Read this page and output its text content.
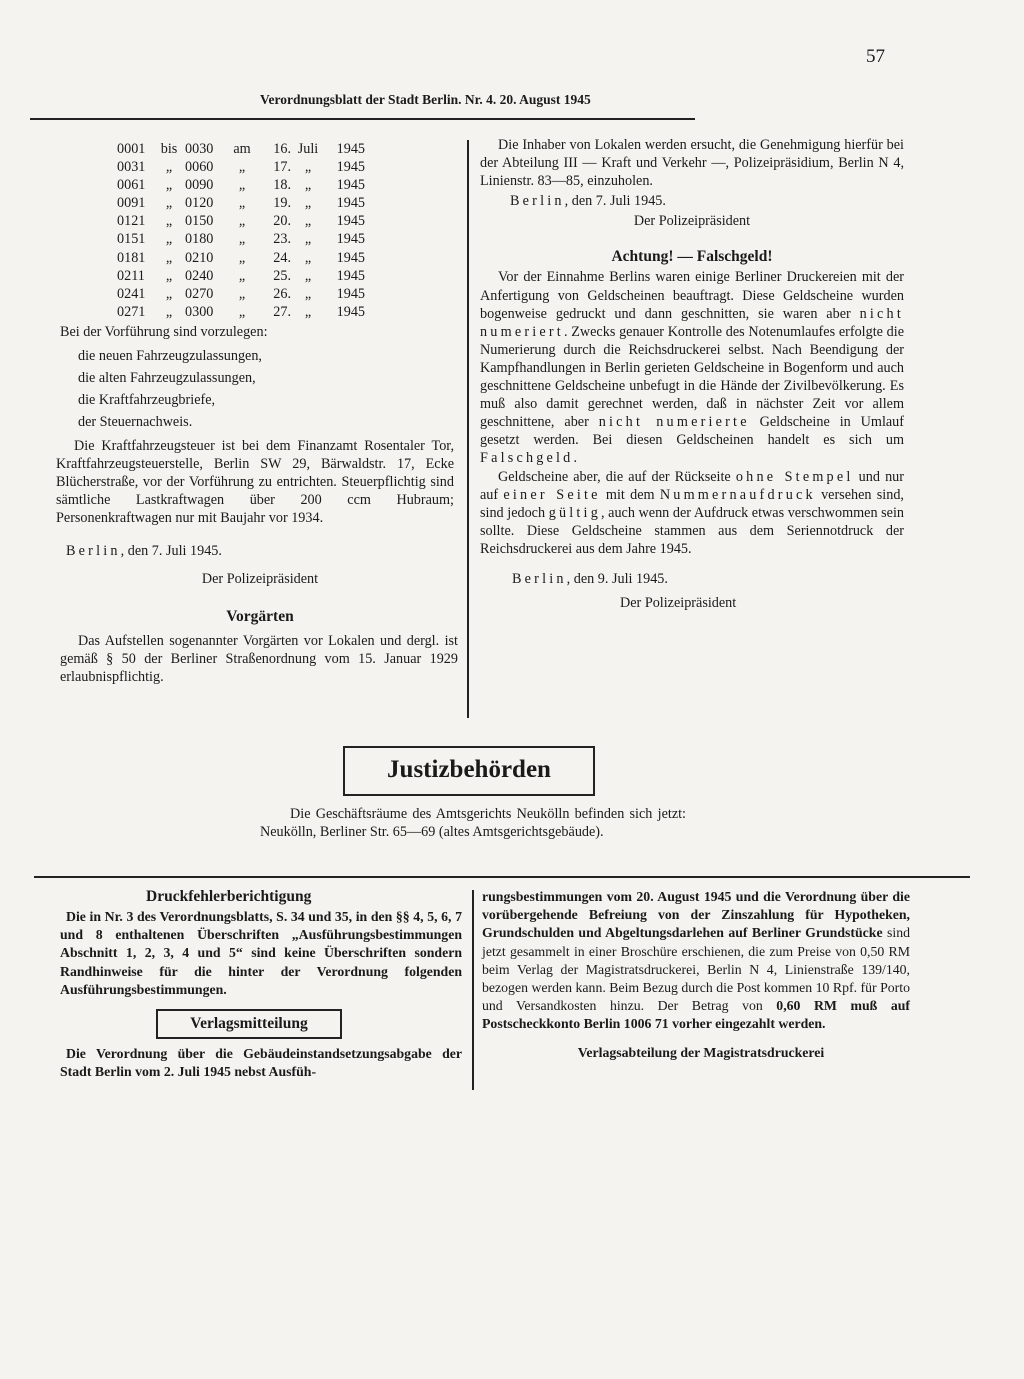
57
Verordnungsblatt der Stadt Berlin. Nr. 4. 20. August 1945
0001	bis	0030	am	16.	Juli	1945
0031	„	0060	„	17.	„	1945
0061	„	0090	„	18.	„	1945
0091	„	0120	„	19.	„	1945
0121	„	0150	„	20.	„	1945
0151	„	0180	„	23.	„	1945
0181	„	0210	„	24.	„	1945
0211	„	0240	„	25.	„	1945
0241	„	0270	„	26.	„	1945
0271	„	0300	„	27.	„	1945

Bei der Vorführung sind vorzulegen:

die neuen Fahrzeugzulassungen,

die alten Fahrzeugzulassungen,

die Kraftfahrzeugbriefe,

der Steuernachweis.

Die Kraftfahrzeugsteuer ist bei dem Finanzamt Rosentaler Tor, Kraftfahrzeugsteuerstelle, Berlin SW 29, Bärwaldstr. 17, Ecke Blücherstraße, vor der Vorführung zu entrichten. Steuerpflichtig sind sämtliche Lastkraftwagen über 200 ccm Hubraum; Personenkraftwagen nur mit Baujahr vor 1934.

Berlin, den 7. Juli 1945.
Der Polizeipräsident
Vorgärten

Das Aufstellen sogenannter Vorgärten vor Lokalen und dergl. ist gemäß § 50 der Berliner Straßenordnung vom 15. Januar 1929 erlaubnispflichtig.

Die Inhaber von Lokalen werden ersucht, die Genehmigung hierfür bei der Abteilung III — Kraft und Verkehr —, Polizeipräsidium, Berlin N 4, Linienstr. 83—85, einzuholen.

Berlin, den 7. Juli 1945.
Der Polizeipräsident
Achtung! — Falschgeld!

Vor der Einnahme Berlins waren einige Berliner Druckereien mit der Anfertigung von Geldscheinen beauftragt. Diese Geldscheine wurden bogenweise gedruckt und dann geschnitten, sie waren aber nicht numeriert. Zwecks genauer Kontrolle des Notenumlaufes erfolgte die Numerierung durch die Reichsdruckerei selbst. Nach Beendigung der Kampfhandlungen in Berlin gerieten Geldscheine in Bogenform und auch geschnittene Geldscheine unbefugt in die Hände der Zivilbevölkerung. Es muß also damit gerechnet werden, daß in nächster Zeit vor allem geschnittene, aber nicht numerierte Geldscheine in Umlauf gesetzt werden. Bei diesen Geldscheinen handelt es sich um Falschgeld.

Geldscheine aber, die auf der Rückseite ohne Stempel und nur auf einer Seite mit dem Nummernaufdruck versehen sind, sind jedoch gültig, auch wenn der Aufdruck etwas verschwommen sein sollte. Diese Geldscheine stammen aus dem Seriennotdruck der Reichsdruckerei aus dem Jahre 1945.

Berlin, den 9. Juli 1945.
Der Polizeipräsident
Justizbehörden

Die Geschäftsräume des Amtsgerichts Neukölln befinden sich jetzt: Neukölln, Berliner Str. 65—69 (altes Amtsgerichtsgebäude).

Druckfehlerberichtigung

Die in Nr. 3 des Verordnungsblatts, S. 34 und 35, in den §§ 4, 5, 6, 7 und 8 enthaltenen Überschriften „Ausführungsbestimmungen Abschnitt 1, 2, 3, 4 und 5“ sind keine Überschriften sondern Randhinweise für die hinter der Verordnung folgenden Ausführungsbestimmungen.

Verlagsmitteilung

Die Verordnung über die Gebäudeinstandsetzungsabgabe der Stadt Berlin vom 2. Juli 1945 nebst Ausfüh-

rungsbestimmungen vom 20. August 1945 und die Verordnung über die vorübergehende Befreiung von der Zinszahlung für Hypotheken, Grundschulden und Abgeltungsdarlehen auf Berliner Grundstücke sind jetzt gesammelt in einer Broschüre erschienen, die zum Preise von 0,50 RM beim Verlag der Magistratsdruckerei, Berlin N 4, Linienstraße 139/140, bezogen werden kann. Beim Bezug durch die Post kommen 10 Rpf. für Porto und Versandkosten hinzu. Der Betrag von 0,60 RM muß auf Postscheckkonto Berlin 1006 71 vorher eingezahlt werden.

Verlagsabteilung der Magistratsdruckerei
